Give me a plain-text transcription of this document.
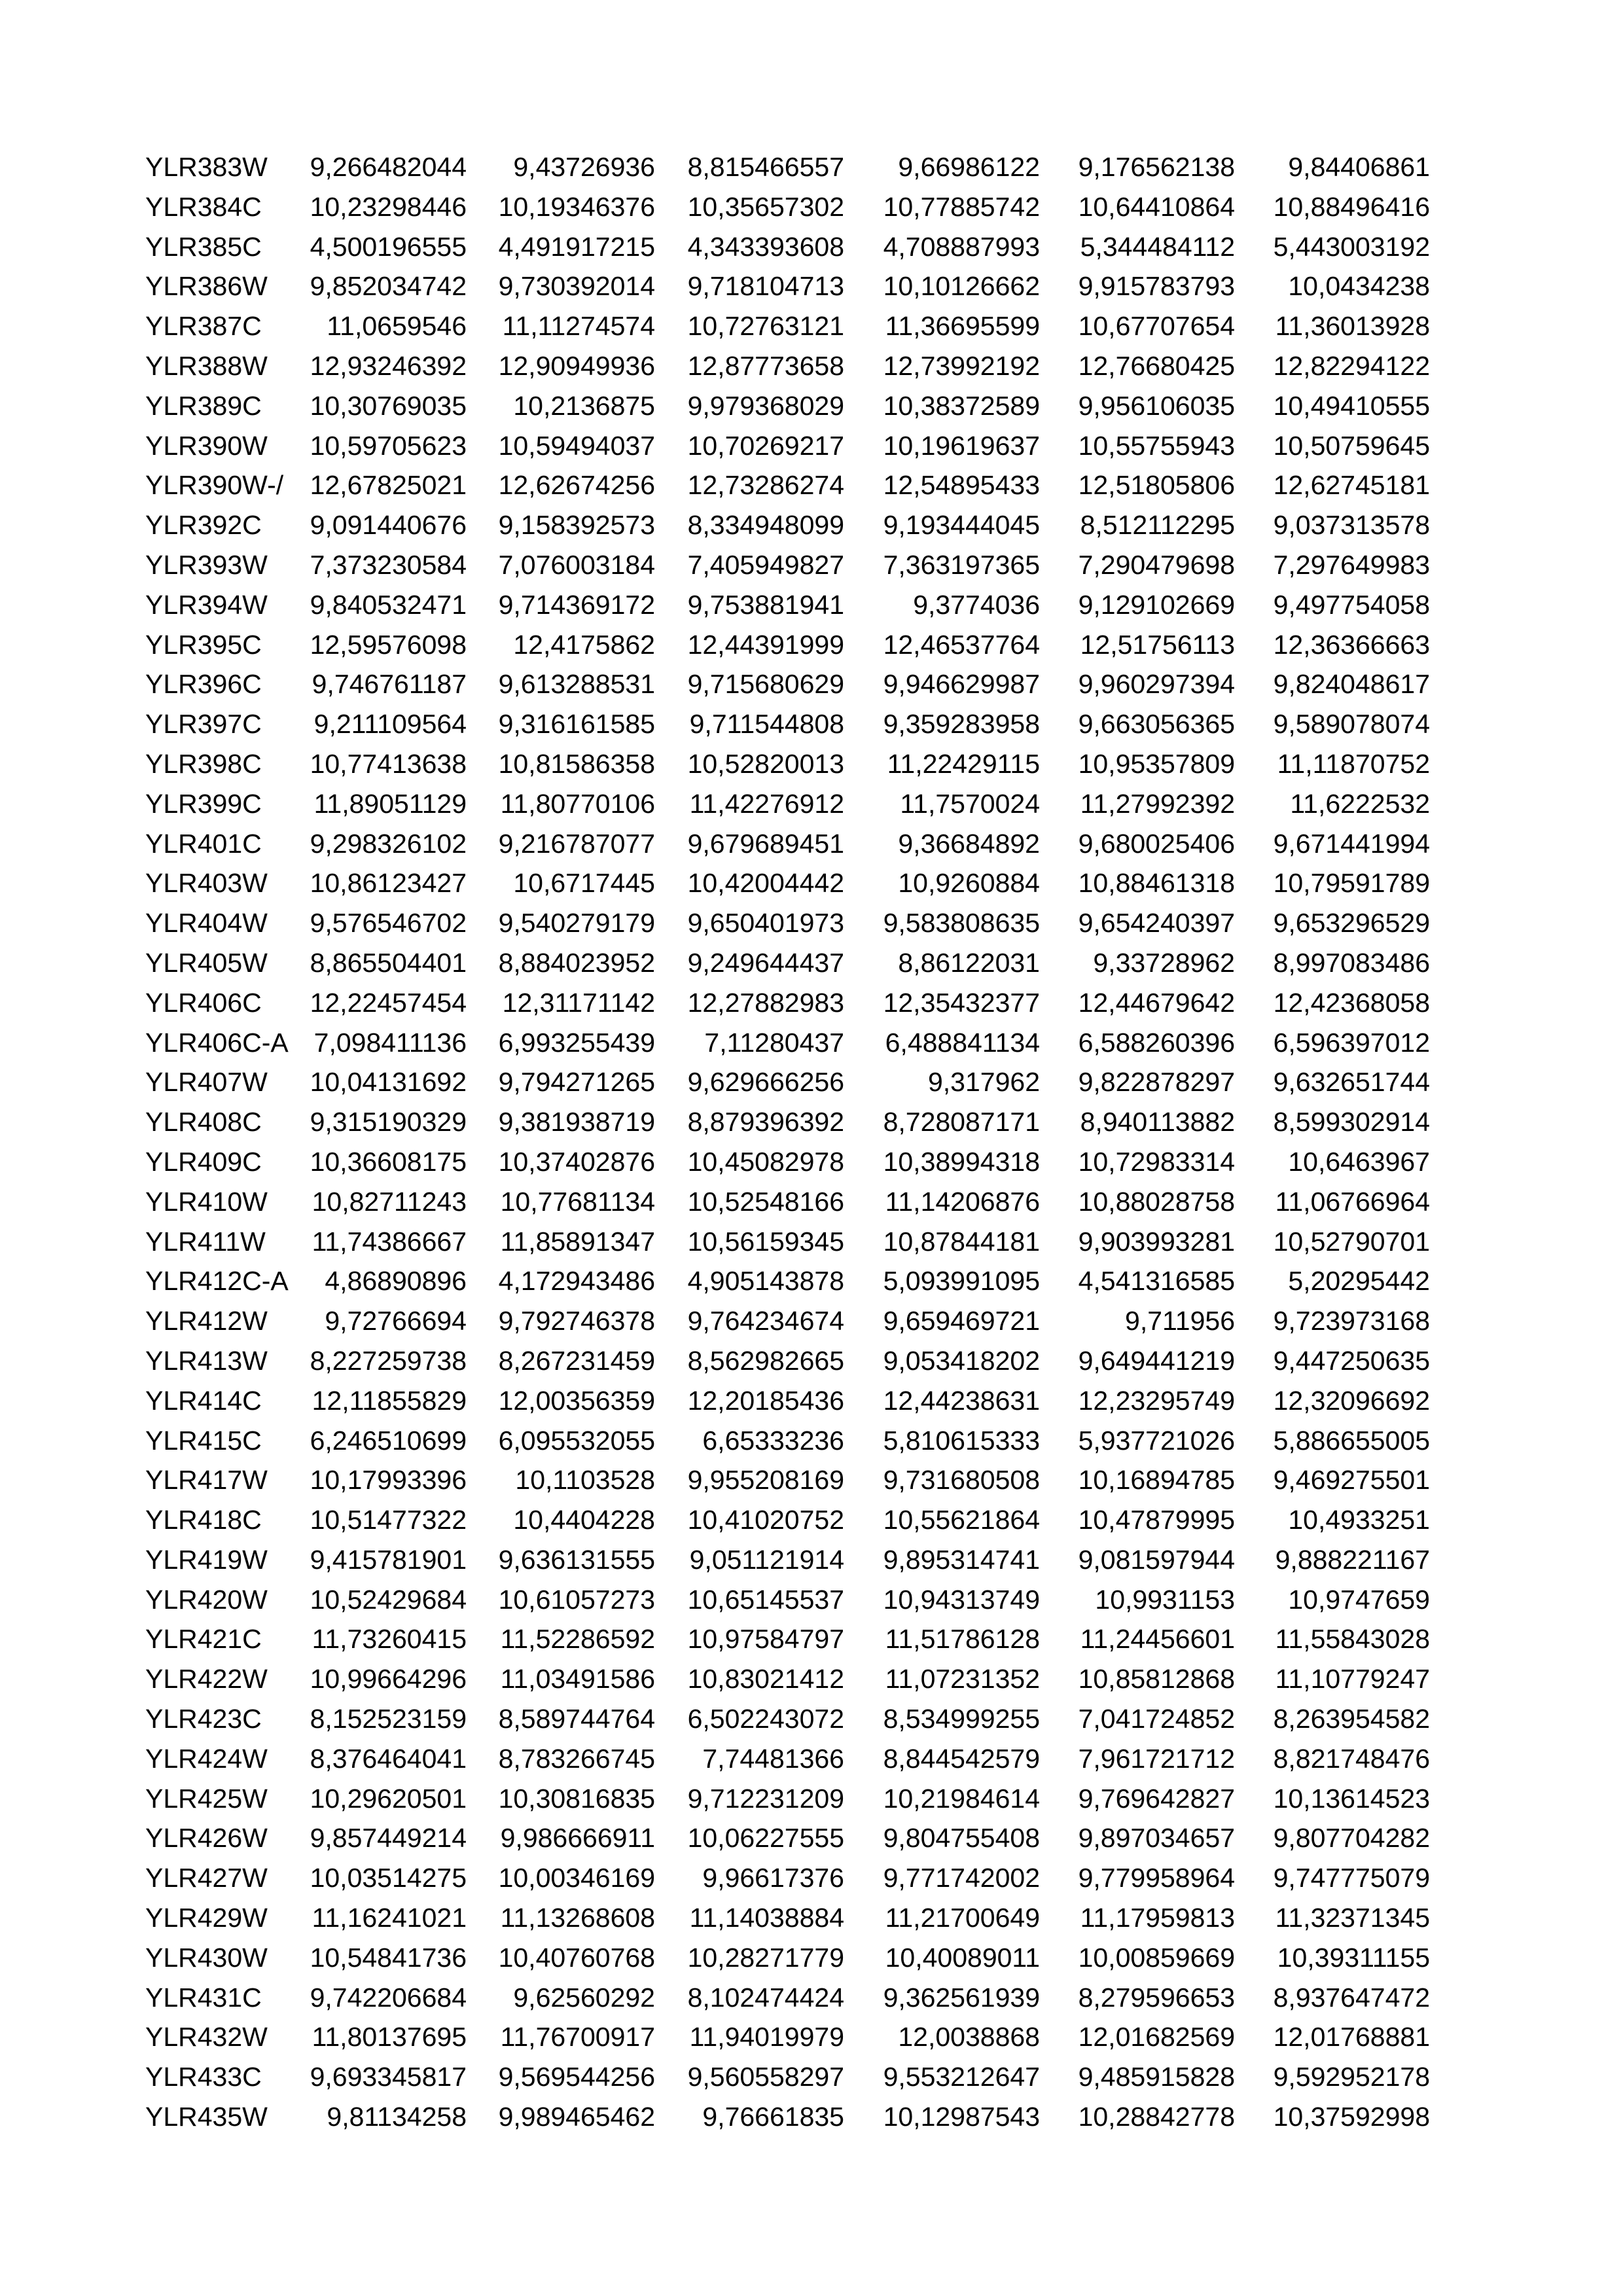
YLR383W	9,266482044	9,43726936	8,815466557	9,66986122	9,176562138	9,84406861
YLR384C	10,23298446	10,19346376	10,35657302	10,77885742	10,64410864	10,88496416
YLR385C	4,500196555	4,491917215	4,343393608	4,708887993	5,344484112	5,443003192
YLR386W	9,852034742	9,730392014	9,718104713	10,10126662	9,915783793	10,0434238
YLR387C	11,0659546	11,11274574	10,72763121	11,36695599	10,67707654	11,36013928
YLR388W	12,93246392	12,90949936	12,87773658	12,73992192	12,76680425	12,82294122
YLR389C	10,30769035	10,2136875	9,979368029	10,38372589	9,956106035	10,49410555
YLR390W	10,59705623	10,59494037	10,70269217	10,19619637	10,55755943	10,50759645
YLR390W-/	12,67825021	12,62674256	12,73286274	12,54895433	12,51805806	12,62745181
YLR392C	9,091440676	9,158392573	8,334948099	9,193444045	8,512112295	9,037313578
YLR393W	7,373230584	7,076003184	7,405949827	7,363197365	7,290479698	7,297649983
YLR394W	9,840532471	9,714369172	9,753881941	9,3774036	9,129102669	9,497754058
YLR395C	12,59576098	12,4175862	12,44391999	12,46537764	12,51756113	12,36366663
YLR396C	9,746761187	9,613288531	9,715680629	9,946629987	9,960297394	9,824048617
YLR397C	9,211109564	9,316161585	9,711544808	9,359283958	9,663056365	9,589078074
YLR398C	10,77413638	10,81586358	10,52820013	11,22429115	10,95357809	11,11870752
YLR399C	11,89051129	11,80770106	11,42276912	11,7570024	11,27992392	11,6222532
YLR401C	9,298326102	9,216787077	9,679689451	9,36684892	9,680025406	9,671441994
YLR403W	10,86123427	10,6717445	10,42004442	10,9260884	10,88461318	10,79591789
YLR404W	9,576546702	9,540279179	9,650401973	9,583808635	9,654240397	9,653296529
YLR405W	8,865504401	8,884023952	9,249644437	8,86122031	9,33728962	8,997083486
YLR406C	12,22457454	12,31171142	12,27882983	12,35432377	12,44679642	12,42368058
YLR406C-A	7,098411136	6,993255439	7,11280437	6,488841134	6,588260396	6,596397012
YLR407W	10,04131692	9,794271265	9,629666256	9,317962	9,822878297	9,632651744
YLR408C	9,315190329	9,381938719	8,879396392	8,728087171	8,940113882	8,599302914
YLR409C	10,36608175	10,37402876	10,45082978	10,38994318	10,72983314	10,6463967
YLR410W	10,82711243	10,77681134	10,52548166	11,14206876	10,88028758	11,06766964
YLR411W	11,74386667	11,85891347	10,56159345	10,87844181	9,903993281	10,52790701
YLR412C-A	4,86890896	4,172943486	4,905143878	5,093991095	4,541316585	5,20295442
YLR412W	9,72766694	9,792746378	9,764234674	9,659469721	9,711956	9,723973168
YLR413W	8,227259738	8,267231459	8,562982665	9,053418202	9,649441219	9,447250635
YLR414C	12,11855829	12,00356359	12,20185436	12,44238631	12,23295749	12,32096692
YLR415C	6,246510699	6,095532055	6,65333236	5,810615333	5,937721026	5,886655005
YLR417W	10,17993396	10,1103528	9,955208169	9,731680508	10,16894785	9,469275501
YLR418C	10,51477322	10,4404228	10,41020752	10,55621864	10,47879995	10,4933251
YLR419W	9,415781901	9,636131555	9,051121914	9,895314741	9,081597944	9,888221167
YLR420W	10,52429684	10,61057273	10,65145537	10,94313749	10,9931153	10,9747659
YLR421C	11,73260415	11,52286592	10,97584797	11,51786128	11,24456601	11,55843028
YLR422W	10,99664296	11,03491586	10,83021412	11,07231352	10,85812868	11,10779247
YLR423C	8,152523159	8,589744764	6,502243072	8,534999255	7,041724852	8,263954582
YLR424W	8,376464041	8,783266745	7,74481366	8,844542579	7,961721712	8,821748476
YLR425W	10,29620501	10,30816835	9,712231209	10,21984614	9,769642827	10,13614523
YLR426W	9,857449214	9,986666911	10,06227555	9,804755408	9,897034657	9,807704282
YLR427W	10,03514275	10,00346169	9,96617376	9,771742002	9,779958964	9,747775079
YLR429W	11,16241021	11,13268608	11,14038884	11,21700649	11,17959813	11,32371345
YLR430W	10,54841736	10,40760768	10,28271779	10,40089011	10,00859669	10,39311155
YLR431C	9,742206684	9,62560292	8,102474424	9,362561939	8,279596653	8,937647472
YLR432W	11,80137695	11,76700917	11,94019979	12,0038868	12,01682569	12,01768881
YLR433C	9,693345817	9,569544256	9,560558297	9,553212647	9,485915828	9,592952178
YLR435W	9,81134258	9,989465462	9,76661835	10,12987543	10,28842778	10,37592998
